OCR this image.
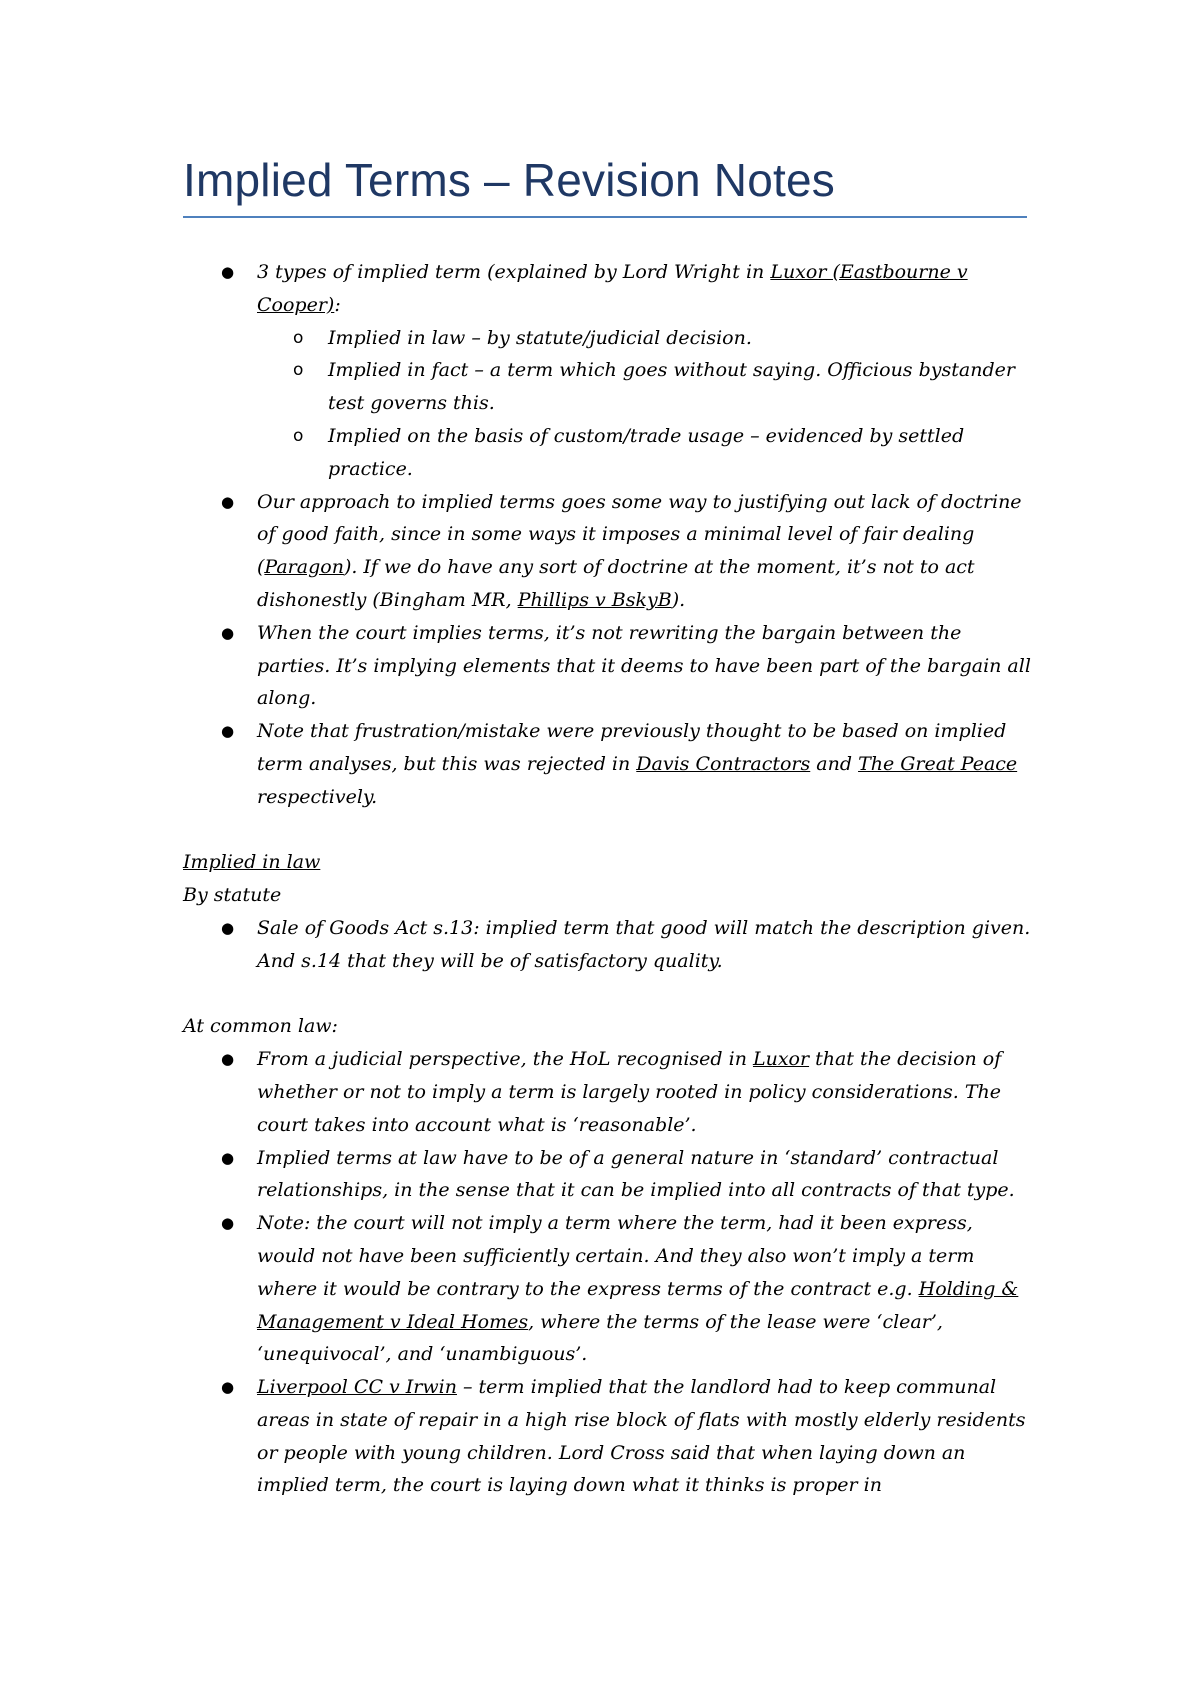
Implied Terms – Revision Notes
● 3 types of implied term (explained by Lord Wright in Luxor (Eastbourne v Cooper):
o Implied in law – by statute/judicial decision.
o Implied in fact – a term which goes without saying. Officious bystander test governs this.
o Implied on the basis of custom/trade usage – evidenced by settled practice.
● Our approach to implied terms goes some way to justifying out lack of doctrine of good faith, since in some ways it imposes a minimal level of fair dealing (Paragon). If we do have any sort of doctrine at the moment, it’s not to act dishonestly (Bingham MR, Phillips v BskyB).
● When the court implies terms, it’s not rewriting the bargain between the parties. It’s implying elements that it deems to have been part of the bargain all along.
● Note that frustration/mistake were previously thought to be based on implied term analyses, but this was rejected in Davis Contractors and The Great Peace respectively.
Implied in law
By statute
● Sale of Goods Act s.13: implied term that good will match the description given. And s.14 that they will be of satisfactory quality.
At common law:
● From a judicial perspective, the HoL recognised in Luxor that the decision of whether or not to imply a term is largely rooted in policy considerations. The court takes into account what is ‘reasonable’.
● Implied terms at law have to be of a general nature in ‘standard’ contractual relationships, in the sense that it can be implied into all contracts of that type.
● Note: the court will not imply a term where the term, had it been express, would not have been sufficiently certain. And they also won’t imply a term where it would be contrary to the express terms of the contract e.g. Holding & Management v Ideal Homes, where the terms of the lease were ‘clear’, ‘unequivocal’, and ‘unambiguous’.
● Liverpool CC v Irwin – term implied that the landlord had to keep communal areas in state of repair in a high rise block of flats with mostly elderly residents or people with young children. Lord Cross said that when laying down an implied term, the court is laying down what it thinks is proper in
